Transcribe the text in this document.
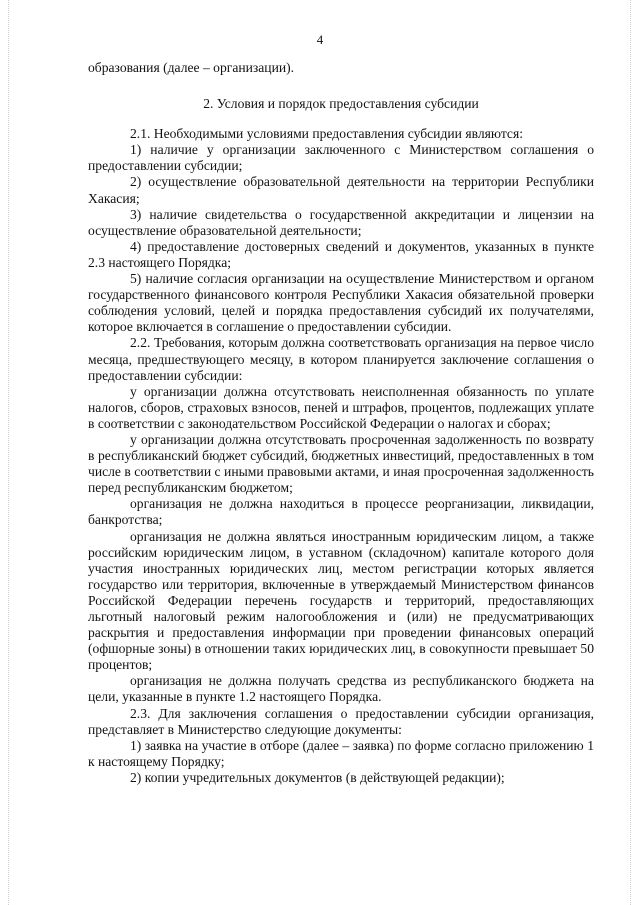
4

образования (далее – организации).

2. Условия и порядок предоставления субсидии

2.1. Необходимыми условиями предоставления субсидии являются:

1) наличие у организации заключенного с Министерством соглашения о предоставлении субсидии;

2) осуществление образовательной деятельности на территории Республики Хакасия;

3) наличие свидетельства о государственной аккредитации и лицензии на осуществление образовательной деятельности;

4) предоставление достоверных сведений и документов, указанных в пункте 2.3 настоящего Порядка;

5) наличие согласия организации на осуществление Министерством и органом государственного финансового контроля Республики Хакасия обязательной проверки соблюдения условий, целей и порядка предоставления субсидий их получателями, которое включается в соглашение о предоставлении субсидии.

2.2. Требования, которым должна соответствовать организация на первое число месяца, предшествующего месяцу, в котором планируется заключение соглашения о предоставлении субсидии:

у организации должна отсутствовать неисполненная обязанность по уплате налогов, сборов, страховых взносов, пеней и штрафов, процентов, подлежащих уплате в соответствии с законодательством Российской Федерации о налогах и сборах;

у организации должна отсутствовать просроченная задолженность по возврату в республиканский бюджет субсидий, бюджетных инвестиций, предоставленных в том числе в соответствии с иными правовыми актами, и иная просроченная задолженность перед республиканским бюджетом;

организация не должна находиться в процессе реорганизации, ликвидации, банкротства;

организация не должна являться иностранным юридическим лицом, а также российским юридическим лицом, в уставном (складочном) капитале которого доля участия иностранных юридических лиц, местом регистрации которых является государство или территория, включенные в утверждаемый Министерством финансов Российской Федерации перечень государств и территорий, предоставляющих льготный налоговый режим налогообложения и (или) не предусматривающих раскрытия и предоставления информации при проведении финансовых операций (офшорные зоны) в отношении таких юридических лиц, в совокупности превышает 50 процентов;

организация не должна получать средства из республиканского бюджета на цели, указанные в пункте 1.2 настоящего Порядка.

2.3. Для заключения соглашения о предоставлении субсидии организация, представляет в Министерство следующие документы:

1) заявка на участие в отборе (далее – заявка) по форме согласно приложению 1 к настоящему Порядку;

2) копии учредительных документов (в действующей редакции);
